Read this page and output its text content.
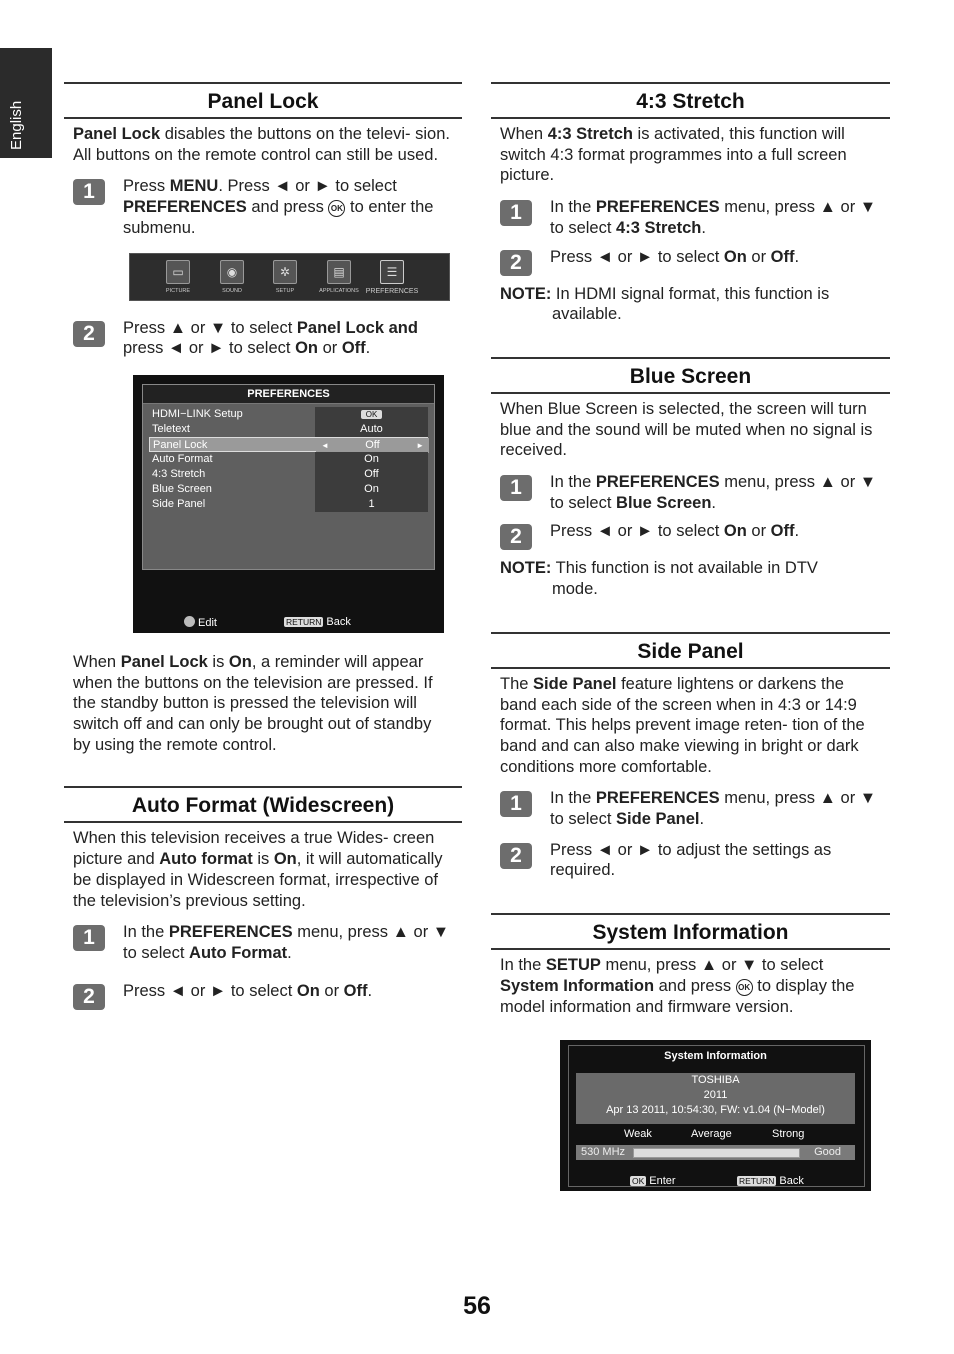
English	Panel Lock

Panel Lock disables the buttons on the televi- sion. All buttons on the remote control can still be used.

1	Press MENU. Press ◄ or ► to select PREFERENCES and press OK to enter the submenu.
▭
PICTURE
◉
SOUND
✲
SETUP
▤
APPLICATIONS
☰
PREFERENCES
2	Press ▲ or ▼ to select Panel Lock and press ◄ or ► to select On or Off.
PREFERENCES
HDMI−LINK Setup	OK
Teletext	Auto
Panel Lock	◄	Off	►
Auto Format	On
4:3 Stretch	Off
Blue Screen	On
Side Panel	1
Edit	RETURN Back

When Panel Lock is On, a reminder will appear when the buttons on the television are pressed. If the standby button is pressed the television will switch off and can only be brought out of standby by using the remote control.

Auto Format (Widescreen)

When this television receives a true Wides- creen picture and Auto format is On, it will automatically be displayed in Widescreen format, irrespective of the television’s previous setting.

1	In the PREFERENCES menu, press ▲ or ▼ to select Auto Format.
2	Press ◄ or ► to select On or Off.
4:3 Stretch

When 4:3 Stretch is activated, this function will switch 4:3 format programmes into a full screen picture.

1	In the PREFERENCES menu, press ▲ or ▼ to select 4:3 Stretch.
2	Press ◄ or ► to select On or Off.
NOTE: In HDMI signal format, this function is
available.
Blue Screen

When Blue Screen is selected, the screen will turn blue and the sound will be muted when no signal is received.

1	In the PREFERENCES menu, press ▲ or ▼ to select Blue Screen.
2	Press ◄ or ► to select On or Off.
NOTE: This function is not available in DTV
mode.
Side Panel

The Side Panel feature lightens or darkens the band each side of the screen when in 4:3 or 14:9 format. This helps prevent image reten- tion of the band and can also make viewing in bright or dark conditions more comfortable.

1	In the PREFERENCES menu, press ▲ or ▼ to select Side Panel.
2	Press ◄ or ► to adjust the settings as required.
System Information

In the SETUP menu, press ▲ or ▼ to select System Information and press OK to display the model information and firmware version.

System Information
TOSHIBA
2011
Apr 13 2011, 10:54:30, FW: v1.04 (N−Model)
Weak	Average	Strong
530 MHz	Good
OK Enter	RETURN Back
56
